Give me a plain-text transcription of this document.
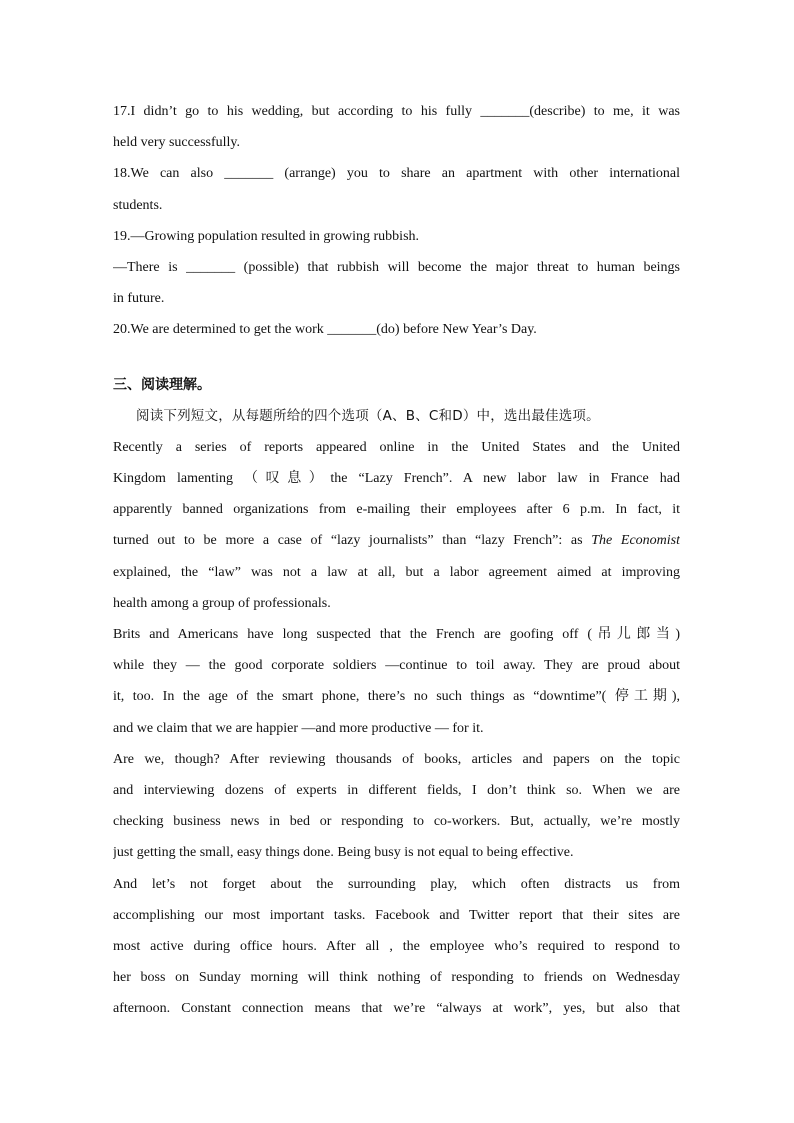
17.I didn’t go to his wedding, but according to his fully _______(describe) to me, it was
held very successfully.
18.We can also _______ (arrange) you to share an apartment with other international
students.
19.—Growing population resulted in growing rubbish.
—There is _______ (possible) that rubbish will become the major threat to human beings
in future.
20.We are determined to get the work _______(do) before New Year’s Day.
三、阅读理解。
阅读下列短文，从每题所给的四个选项（A、B、C和D）中，选出最佳选项。
Recently a series of reports appeared online in the United States and the United
Kingdom lamenting （叹息）the “Lazy French”. A new labor law in France had
apparently banned organizations from e-mailing their employees after 6 p.m. In fact, it
turned out to be more a case of “lazy journalists” than “lazy French”: as The Economist
explained, the “law” was not a law at all, but a labor agreement aimed at improving
health among a group of professionals.
Brits and Americans have long suspected that the French are goofing off (吊儿郎当)
while they — the good corporate soldiers —continue to toil away. They are proud about
it, too. In the age of the smart phone, there’s no such things as “downtime”( 停工期),
and we claim that we are happier —and more productive — for it.
Are we, though? After reviewing thousands of books, articles and papers on the topic
and interviewing dozens of experts in different fields, I don’t think so. When we are
checking business news in bed or responding to co-workers. But, actually, we’re mostly
just getting the small, easy things done. Being busy is not equal to being effective.
And let’s not forget about the surrounding play, which often distracts us from
accomplishing our most important tasks. Facebook and Twitter report that their sites are
most active during office hours. After all , the employee who’s required to respond to
her boss on Sunday morning will think nothing of responding to friends on Wednesday
afternoon. Constant connection means that we’re “always at work”, yes, but also that
